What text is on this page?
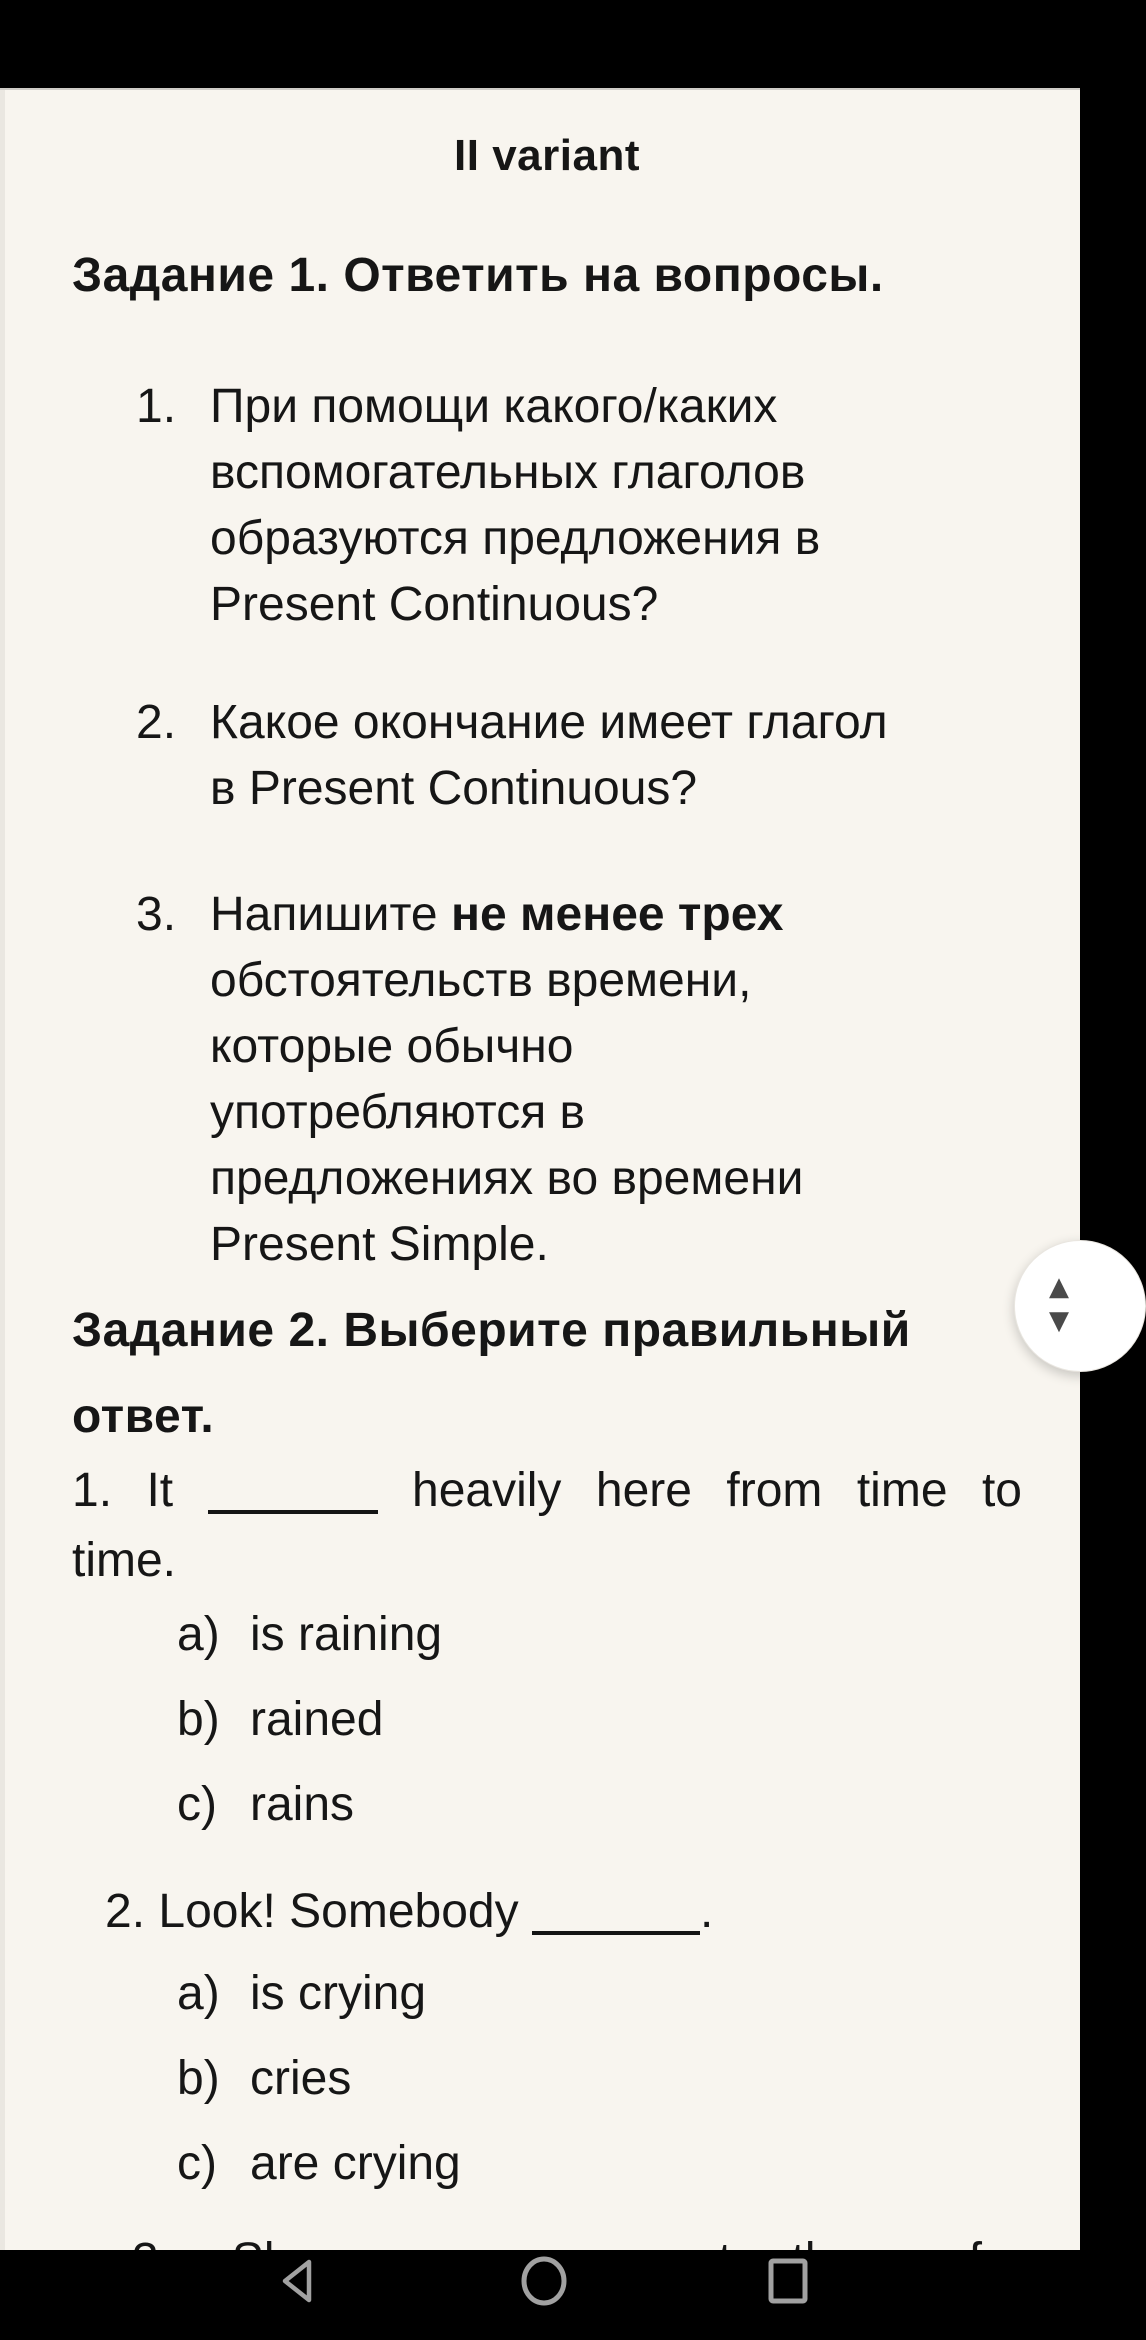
II variant
Задание 1. Ответить на вопросы.
1. При помощи какого/каких
вспомогательных глаголов
образуются предложения в
Present Continuous?
2. Какое окончание имеет глагол
в Present Continuous?
3. Напишите не менее трех
обстоятельств времени,
которые обычно
употребляются в
предложениях во времени
Present Simple.
Задание 2. Выберите правильный
ответ.
1. It	heavily here from time to
time.
a) is raining
b) rained
c) rains
2. Look! Somebody	.
a) is crying
b) cries
c) are crying
▲
▼
